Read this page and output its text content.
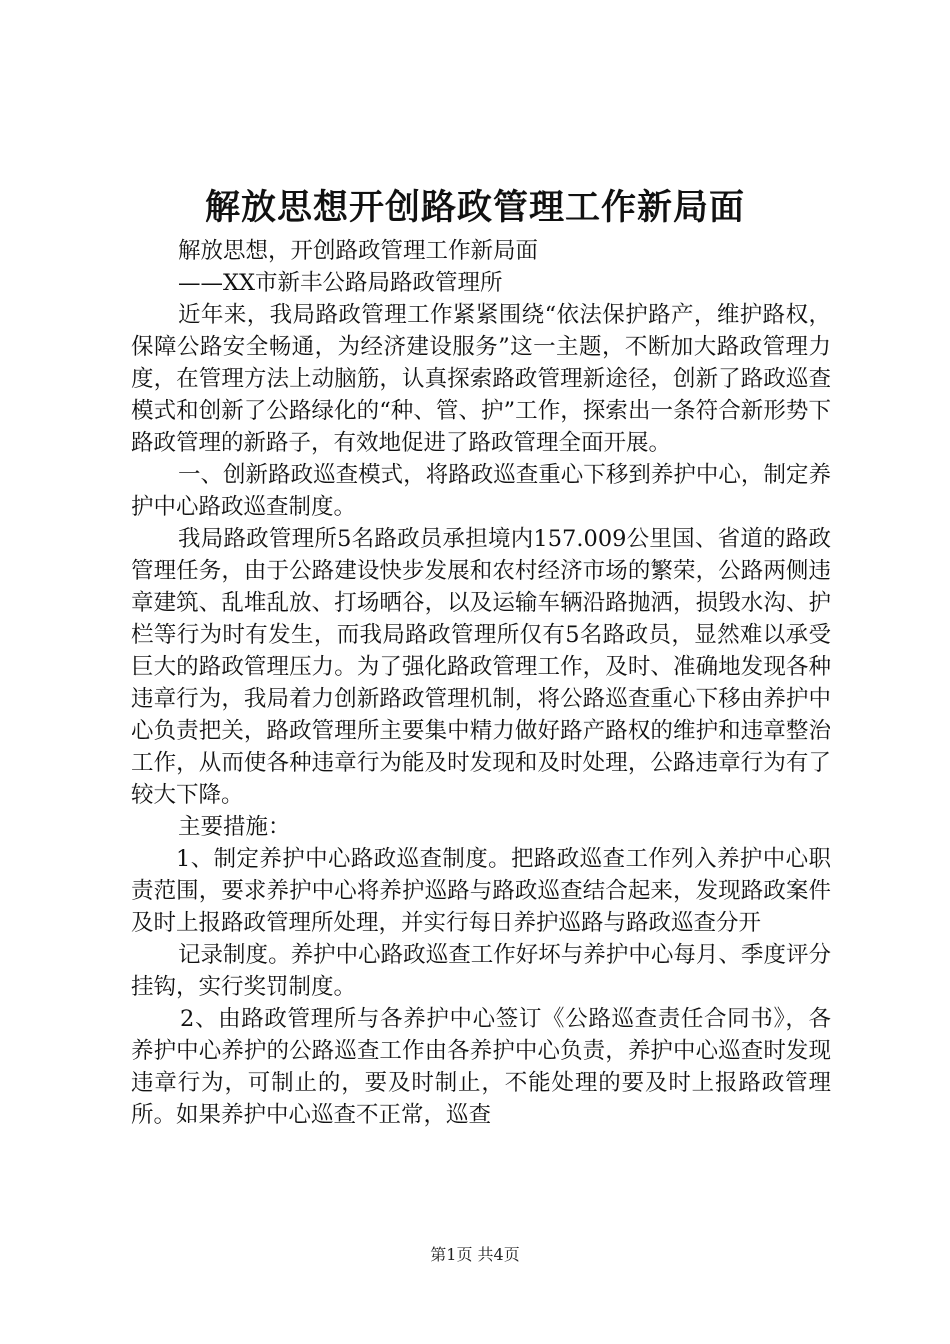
解放思想开创路政管理工作新局面

解放思想，开创路政管理工作新局面

——XX市新丰公路局路政管理所

近年来，我局路政管理工作紧紧围绕“依法保护路产，维护路权，保障公路安全畅通，为经济建设服务”这一主题，不断加大路政管理力度，在管理方法上动脑筋，认真探索路政管理新途径，创新了路政巡查模式和创新了公路绿化的“种、管、护”工作，探索出一条符合新形势下路政管理的新路子，有效地促进了路政管理全面开展。

一、创新路政巡查模式，将路政巡查重心下移到养护中心，制定养护中心路政巡查制度。

我局路政管理所5名路政员承担境内157.009公里国、省道的路政管理任务，由于公路建设快步发展和农村经济市场的繁荣，公路两侧违章建筑、乱堆乱放、打场晒谷，以及运输车辆沿路抛洒，损毁水沟、护栏等行为时有发生，而我局路政管理所仅有5名路政员，显然难以承受巨大的路政管理压力。为了强化路政管理工作，及时、准确地发现各种违章行为，我局着力创新路政管理机制，将公路巡查重心下移由养护中心负责把关，路政管理所主要集中精力做好路产路权的维护和违章整治工作，从而使各种违章行为能及时发现和及时处理，公路违章行为有了较大下降。

主要措施：

1、制定养护中心路政巡查制度。把路政巡查工作列入养护中心职责范围，要求养护中心将养护巡路与路政巡查结合起来，发现路政案件及时上报路政管理所处理，并实行每日养护巡路与路政巡查分开

记录制度。养护中心路政巡查工作好坏与养护中心每月、季度评分挂钩，实行奖罚制度。

2、由路政管理所与各养护中心签订《公路巡查责任合同书》，各养护中心养护的公路巡查工作由各养护中心负责，养护中心巡查时发现违章行为，可制止的，要及时制止，不能处理的要及时上报路政管理所。如果养护中心巡查不正常，巡查

第1页 共4页
